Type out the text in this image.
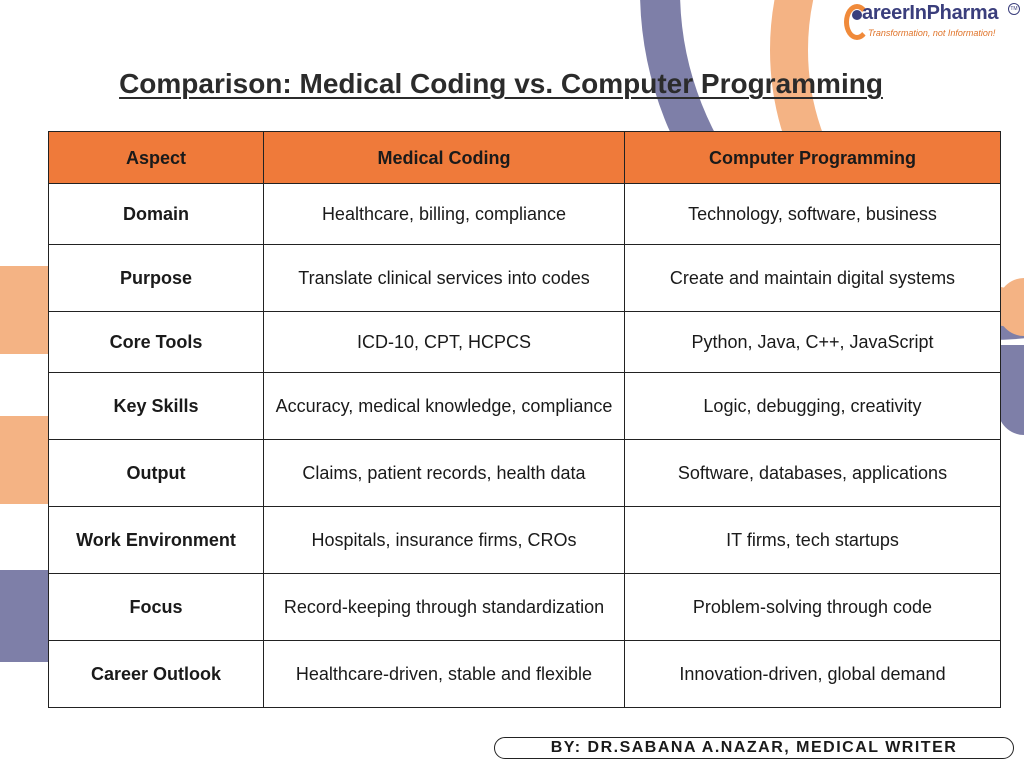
areerInPharma
Transformation, not Information!
TM
Comparison: Medical Coding vs. Computer Programming
Aspect	Medical Coding	Computer Programming
Domain	Healthcare, billing, compliance	Technology, software, business
Purpose	Translate clinical services into codes	Create and maintain digital systems
Core Tools	ICD-10, CPT, HCPCS	Python, Java, C++, JavaScript
Key Skills	Accuracy, medical knowledge, compliance	Logic, debugging, creativity
Output	Claims, patient records, health data	Software, databases, applications
Work Environment	Hospitals, insurance firms, CROs	IT firms, tech startups
Focus	Record-keeping through standardization	Problem-solving through code
Career Outlook	Healthcare-driven, stable and flexible	Innovation-driven, global demand
BY: DR.SABANA A.NAZAR, MEDICAL WRITER
